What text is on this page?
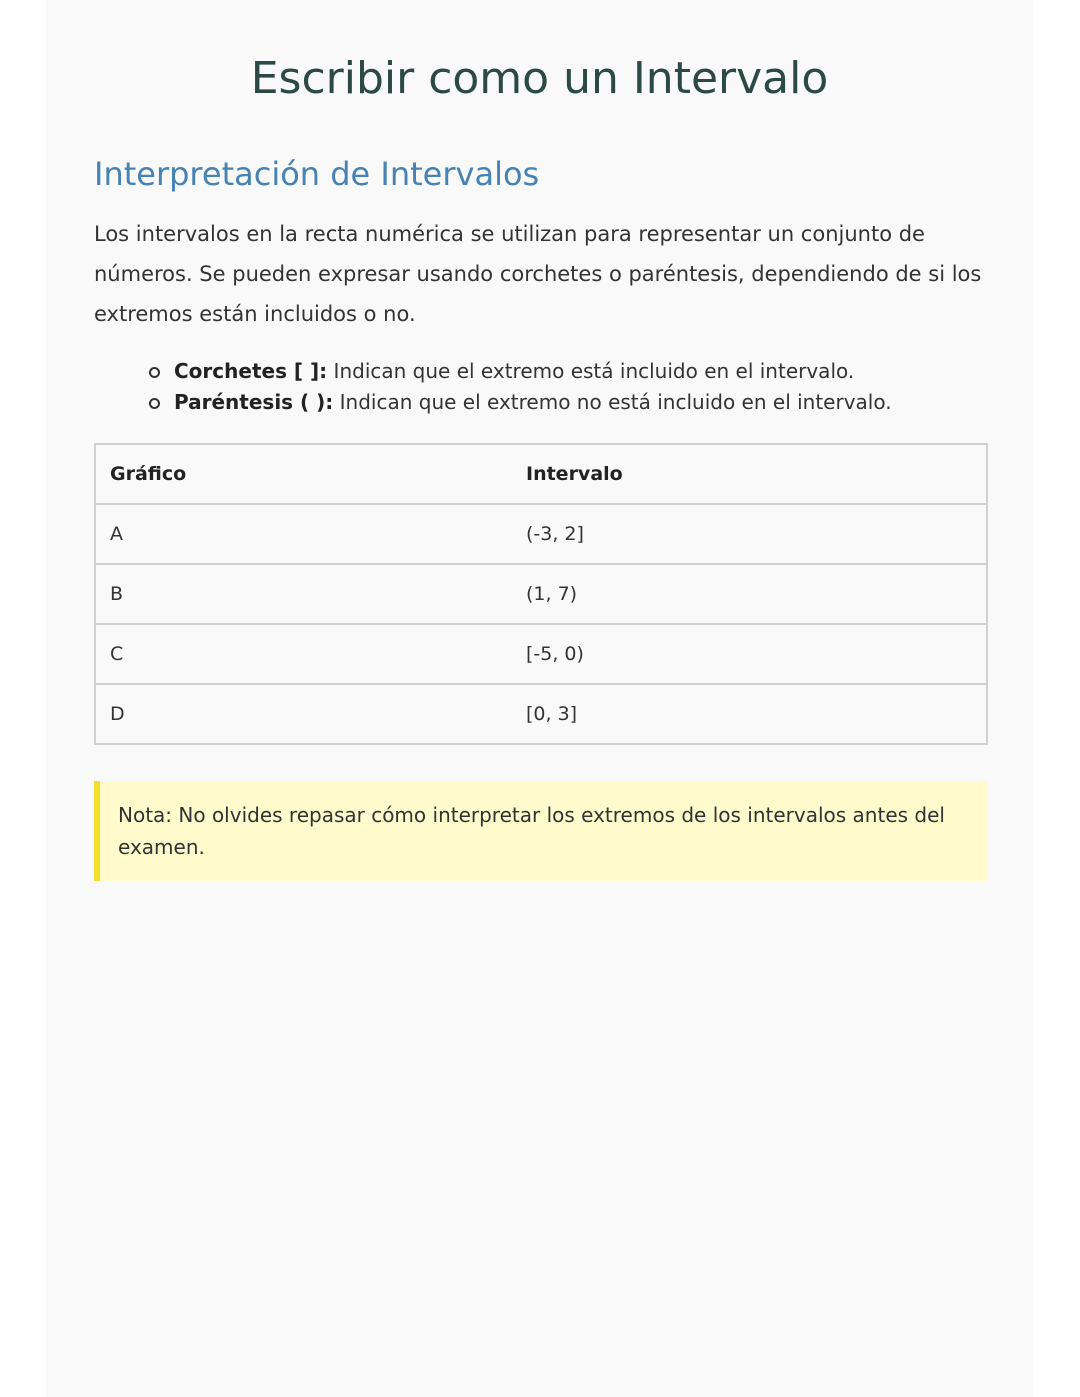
Escribir como un Intervalo
Interpretación de Intervalos

Los intervalos en la recta numérica se utilizan para representar un conjunto de números. Se pueden expresar usando corchetes o paréntesis, dependiendo de si los extremos están incluidos o no.

Corchetes [ ]: Indican que el extremo está incluido en el intervalo.
Paréntesis ( ): Indican que el extremo no está incluido en el intervalo.
Gráfico	Intervalo
A	(-3, 2]
B	(1, 7)
C	[-5, 0)
D	[0, 3]
Nota: No olvides repasar cómo interpretar los extremos de los intervalos antes del examen.
